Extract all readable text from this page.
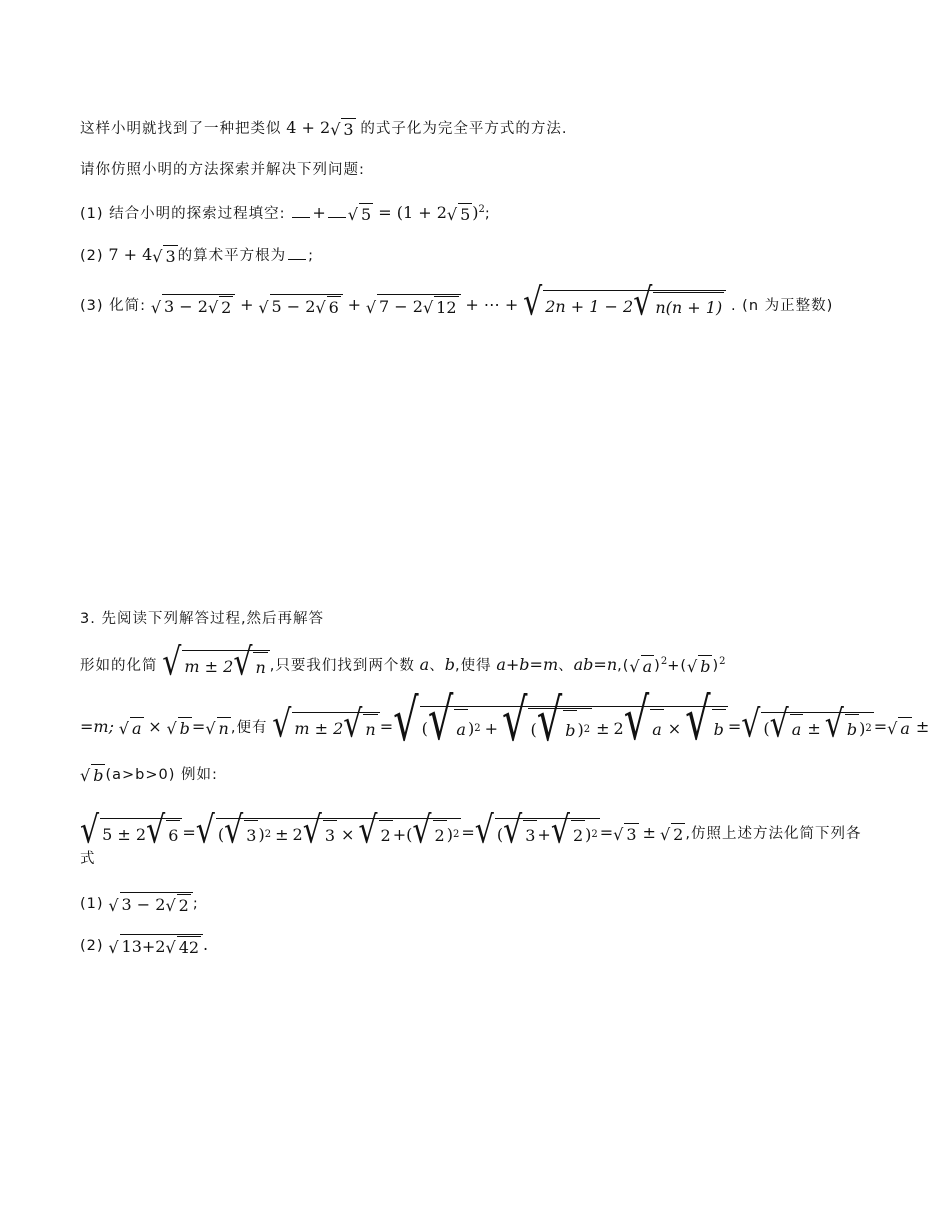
这样小明就找到了一种把类似 4 + 2 √ 3 的式子化为完全平方式的方法.
请你仿照小明的方法探索并解决下列问题:
(1) 结合小明的探索过程填空: + √ 5 = (1 + 2 √ 5 )$^2$;
(2) 7 + 4 √ 3 的算术平方根为 ;
(3) 化简: √ 3 − 2 √ 2 + √ 5 − 2 √ 6 + √ 7 − 2 √ 12 + ⋯ + √ 2n + 1 − 2 √ n(n + 1) . (n 为正整数)
3. 先阅读下列解答过程,然后再解答
形如的化简 √ m ± 2 √ n ,只要我们找到两个数 a、b,使得 a+b=m、ab=n,( √ a )$^2$+( √ b )$^2$
=m; √ a × √ b = √ n ,便有 √ m ± 2 √ n = √ ( √ a ) 2 + √ ( √ b ) 2 ± 2 √ a × √ b = √ ( √ a ± √ b ) 2 = √ a ±
√ b (a>b>0) 例如:
√ 5 ± 2 √ 6 = √ ( √ 3 ) 2 ± 2 √ 3 × √ 2 +( √ 2 ) 2 = √ ( √ 3 + √ 2 ) 2 = √ 3 ± √ 2 ,仿照上述方法化简下列各
式
(1) √ 3 − 2 √ 2 ;
(2) √ 13+2 √ 42 .
